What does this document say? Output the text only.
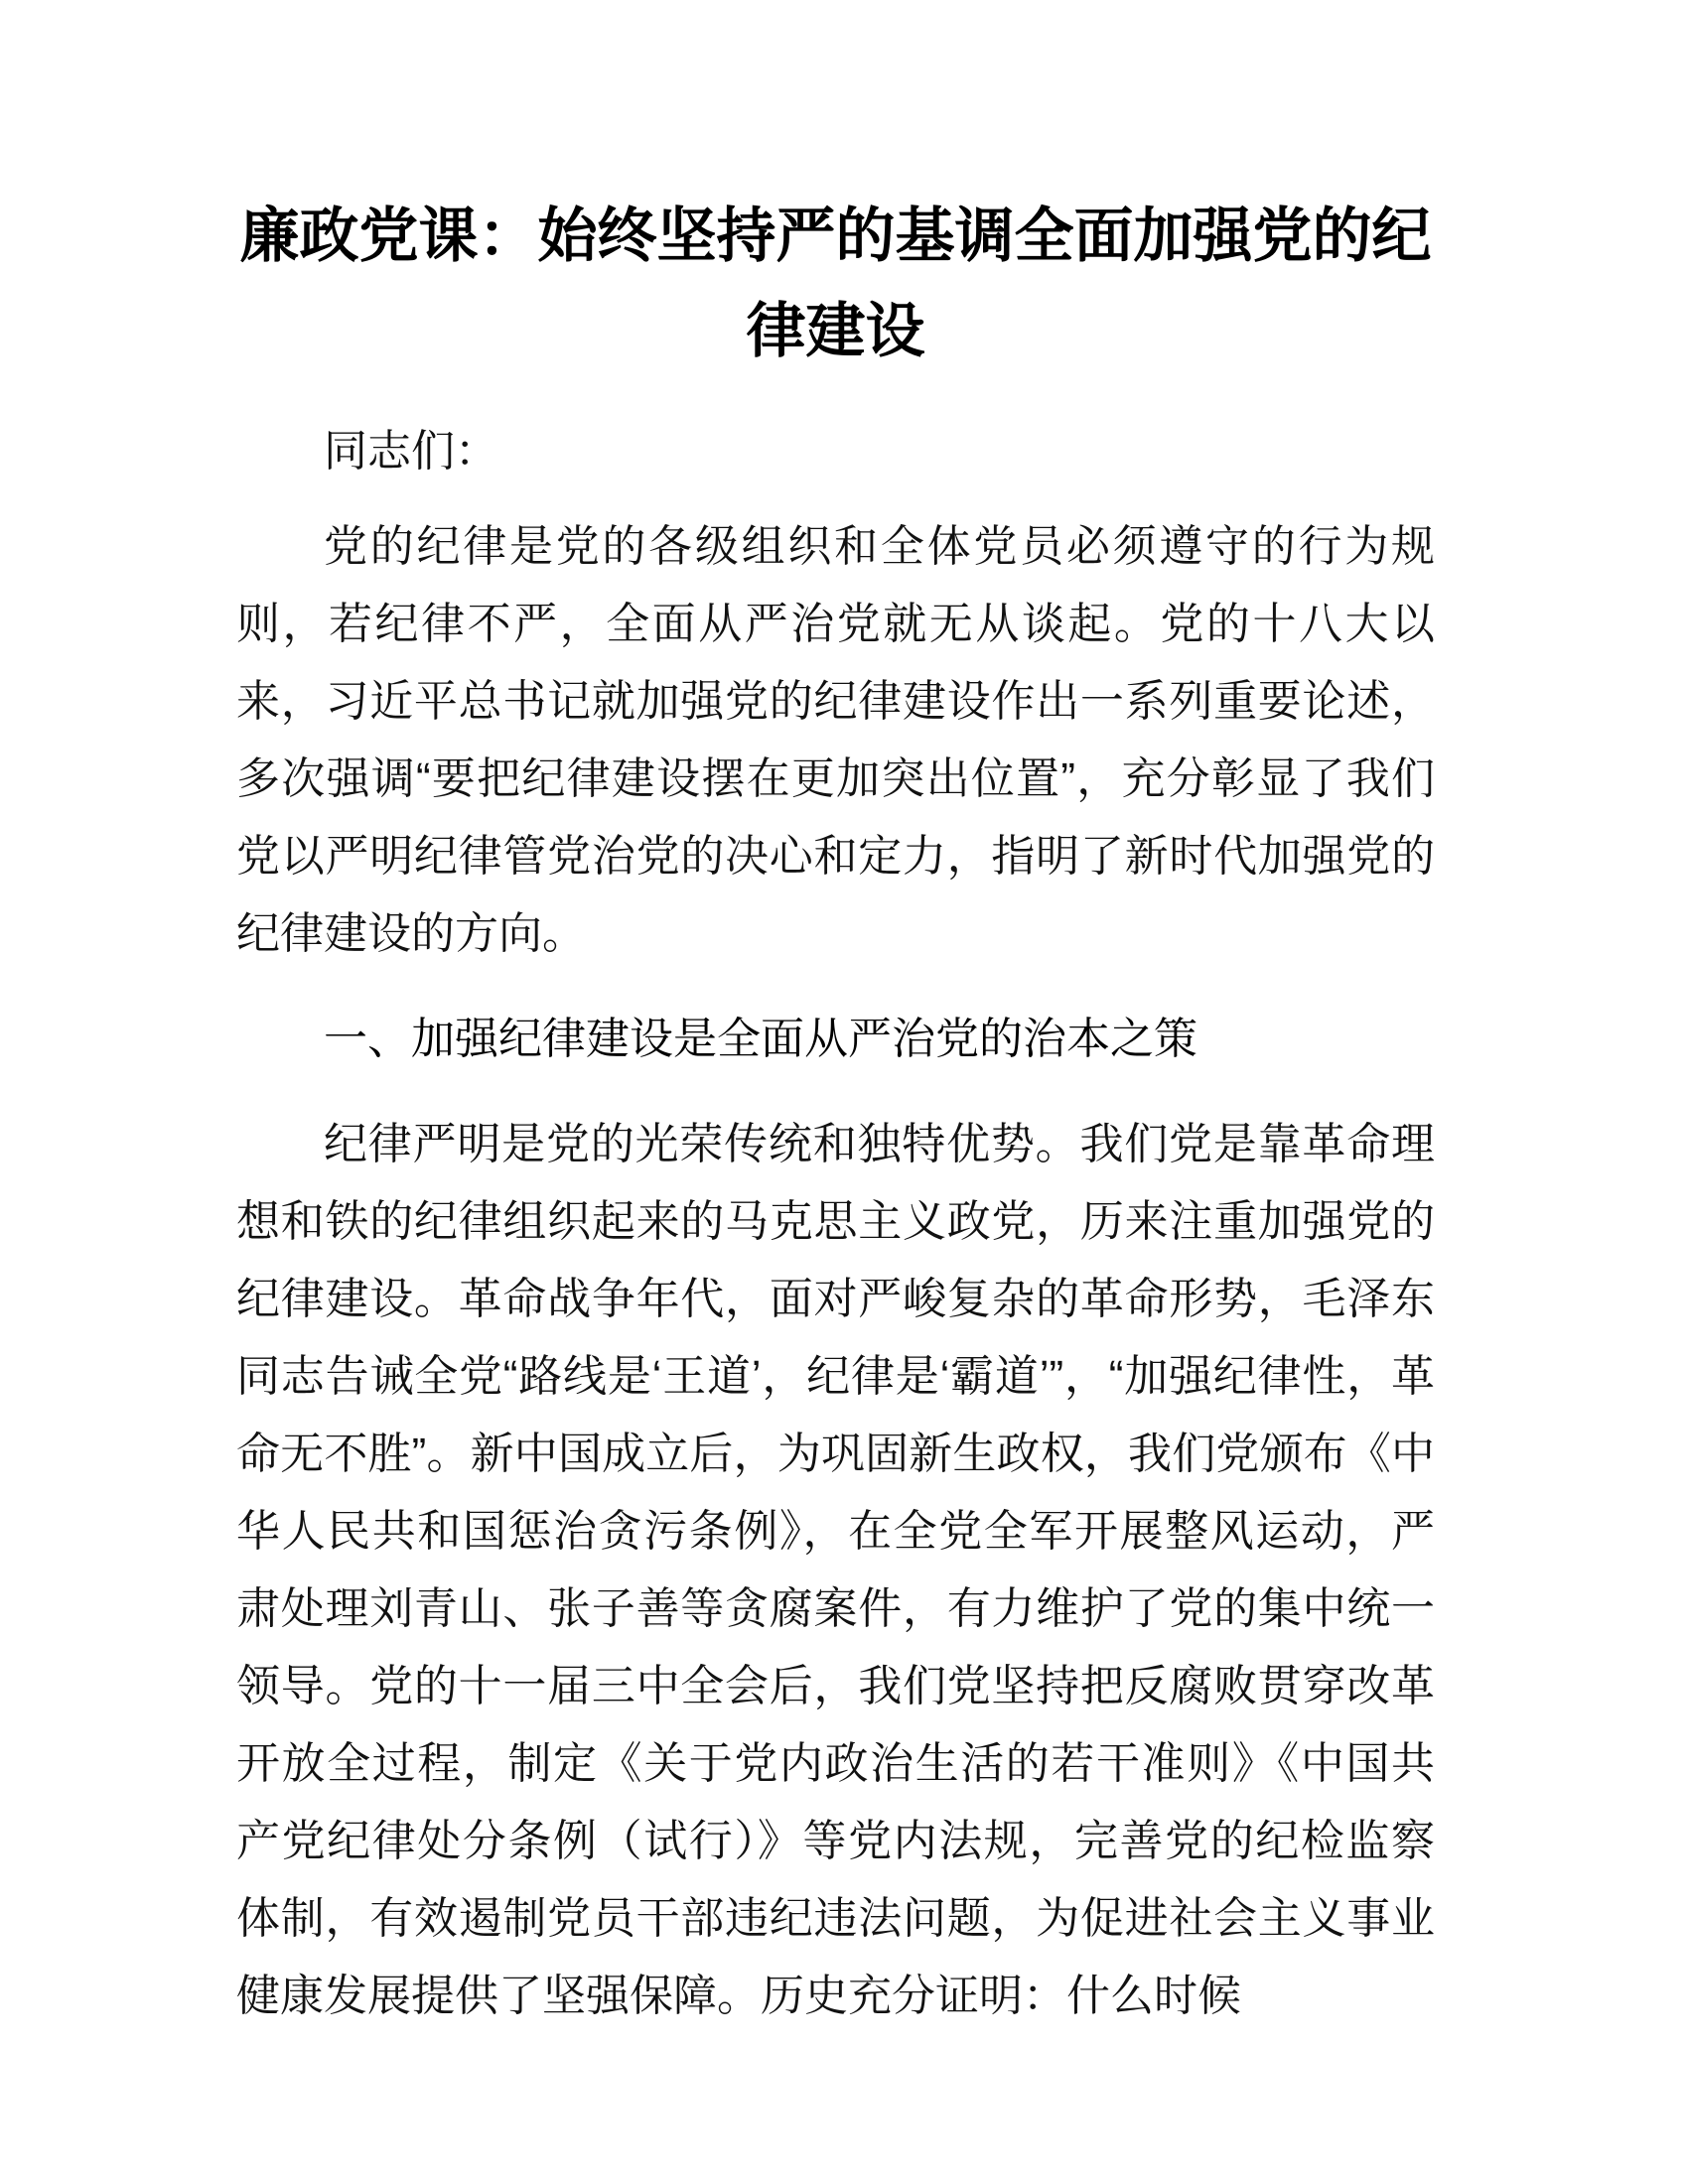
廉政党课：始终坚持严的基调全面加强党的纪律建设

同志们：

党的纪律是党的各级组织和全体党员必须遵守的行为规则，若纪律不严，全面从严治党就无从谈起。党的十八大以来，习近平总书记就加强党的纪律建设作出一系列重要论述，多次强调“要把纪律建设摆在更加突出位置”，充分彰显了我们党以严明纪律管党治党的决心和定力，指明了新时代加强党的纪律建设的方向。

一、加强纪律建设是全面从严治党的治本之策

纪律严明是党的光荣传统和独特优势。我们党是靠革命理想和铁的纪律组织起来的马克思主义政党，历来注重加强党的纪律建设。革命战争年代，面对严峻复杂的革命形势，毛泽东同志告诫全党“路线是‘王道’，纪律是‘霸道’”，“加强纪律性，革命无不胜”。新中国成立后，为巩固新生政权，我们党颁布《中华人民共和国惩治贪污条例》，在全党全军开展整风运动，严肃处理刘青山、张子善等贪腐案件，有力维护了党的集中统一领导。党的十一届三中全会后，我们党坚持把反腐败贯穿改革开放全过程，制定《关于党内政治生活的若干准则》《中国共产党纪律处分条例（试行）》等党内法规，完善党的纪检监察体制，有效遏制党员干部违纪违法问题，为促进社会主义事业健康发展提供了坚强保障。历史充分证明：什么时候
